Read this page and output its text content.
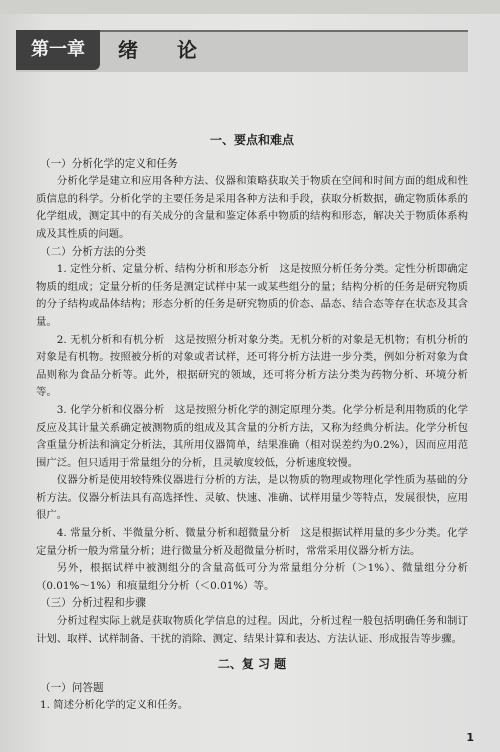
第一章	绪 论
一、要点和难点
（一）分析化学的定义和任务

分析化学是建立和应用各种方法、仪器和策略获取关于物质在空间和时间方面的组成和性质信息的科学。分析化学的主要任务是采用各种方法和手段，获取分析数据，确定物质体系的化学组成，测定其中的有关成分的含量和鉴定体系中物质的结构和形态，解决关于物质体系构成及其性质的问题。

（二）分析方法的分类

1. 定性分析、定量分析、结构分析和形态分析　这是按照分析任务分类。定性分析即确定物质的组成；定量分析的任务是测定试样中某一或某些组分的量；结构分析的任务是研究物质的分子结构或晶体结构；形态分析的任务是研究物质的价态、晶态、结合态等存在状态及其含量。

2. 无机分析和有机分析　这是按照分析对象分类。无机分析的对象是无机物；有机分析的对象是有机物。按照被分析的对象或者试样，还可将分析方法进一步分类，例如分析对象为食品则称为食品分析等。此外，根据研究的领域，还可将分析方法分类为药物分析、环境分析等。

3. 化学分析和仪器分析　这是按照分析化学的测定原理分类。化学分析是利用物质的化学反应及其计量关系确定被测物质的组成及其含量的分析方法，又称为经典分析法。化学分析包含重量分析法和滴定分析法，其所用仪器简单，结果准确（相对误差约为0.2%），因而应用范围广泛。但只适用于常量组分的分析，且灵敏度较低，分析速度较慢。

仪器分析是使用较特殊仪器进行分析的方法，是以物质的物理或物理化学性质为基础的分析方法。仪器分析法具有高选择性、灵敏、快速、准确、试样用量少等特点，发展很快，应用很广。

4. 常量分析、半微量分析、微量分析和超微量分析　这是根据试样用量的多少分类。化学定量分析一般为常量分析；进行微量分析及超微量分析时，常常采用仪器分析方法。

另外，根据试样中被测组分的含量高低可分为常量组分分析（＞1%）、微量组分分析（0.01%～1%）和痕量组分分析（＜0.01%）等。

（三）分析过程和步骤

分析过程实际上就是获取物质化学信息的过程。因此，分析过程一般包括明确任务和制订计划、取样、试样制备、干扰的消除、测定、结果计算和表达、方法认证、形成报告等步骤。

二、复 习 题
（一）问答题
1. 简述分析化学的定义和任务。
1
